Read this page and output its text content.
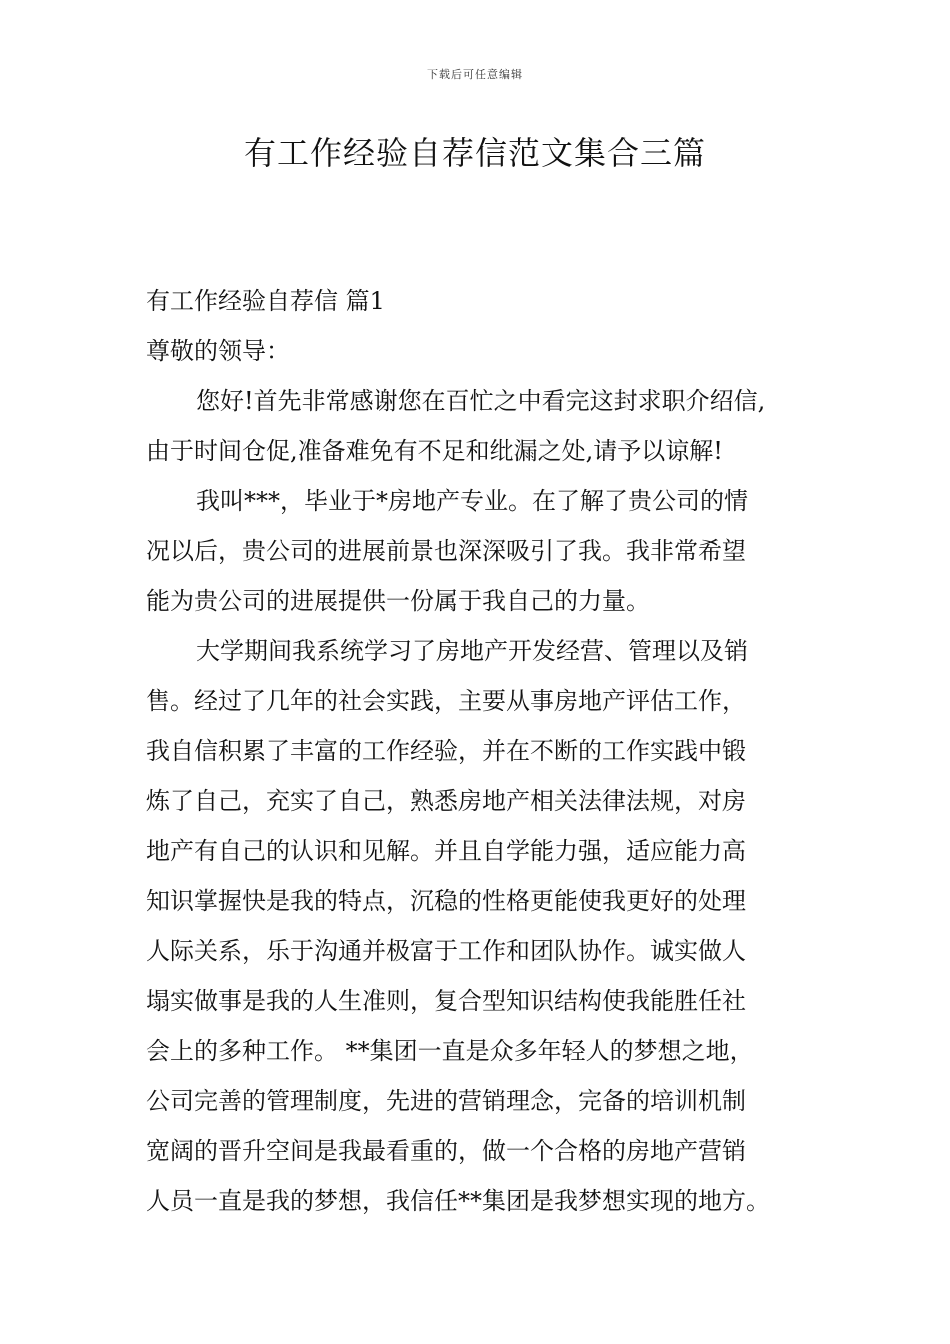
下载后可任意编辑
有工作经验自荐信范文集合三篇
有工作经验自荐信 篇1
尊敬的领导：
您好!首先非常感谢您在百忙之中看完这封求职介绍信,
由于时间仓促,准备难免有不足和纰漏之处,请予以谅解!
我叫***，毕业于*房地产专业。在了解了贵公司的情
况以后，贵公司的进展前景也深深吸引了我。我非常希望
能为贵公司的进展提供一份属于我自己的力量。
大学期间我系统学习了房地产开发经营、管理以及销
售。经过了几年的社会实践，主要从事房地产评估工作，
我自信积累了丰富的工作经验，并在不断的工作实践中锻
炼了自己，充实了自己，熟悉房地产相关法律法规，对房
地产有自己的认识和见解。并且自学能力强，适应能力高
知识掌握快是我的特点，沉稳的性格更能使我更好的处理
人际关系，乐于沟通并极富于工作和团队协作。诚实做人
塌实做事是我的人生准则，复合型知识结构使我能胜任社
会上的多种工作。 **集团一直是众多年轻人的梦想之地，
公司完善的管理制度，先进的营销理念，完备的培训机制
宽阔的晋升空间是我最看重的，做一个合格的房地产营销
人员一直是我的梦想，我信任**集团是我梦想实现的地方。
